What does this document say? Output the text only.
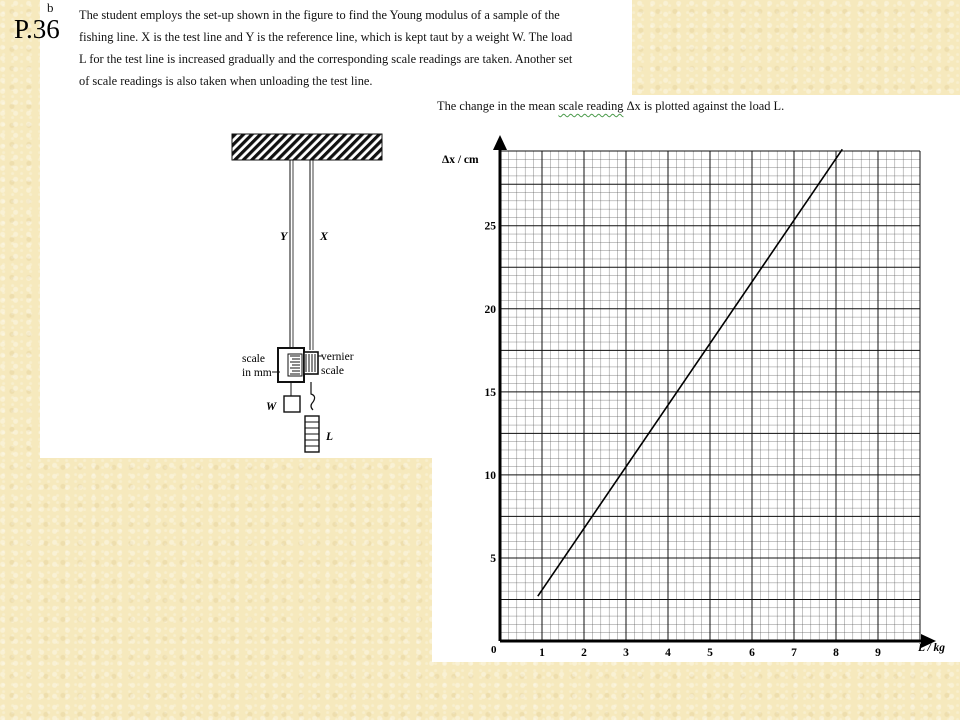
P.36
b The student employs the set-up shown in the figure to find the Young modulus of a sample of the
fishing line. X is the test line and Y is the reference line, which is kept taut by a weight W. The load
L for the test line is increased gradually and the corresponding scale readings are taken. Another set
of scale readings is also taken when unloading the test line.
The change in the mean scale reading Δx is plotted against the load L.
Y	X
scale
in mm
vernier
scale
W
L
1	2	3	4	5	6	7	8	9
5
10
15
20
25
Δx / cm
L / kg
0
